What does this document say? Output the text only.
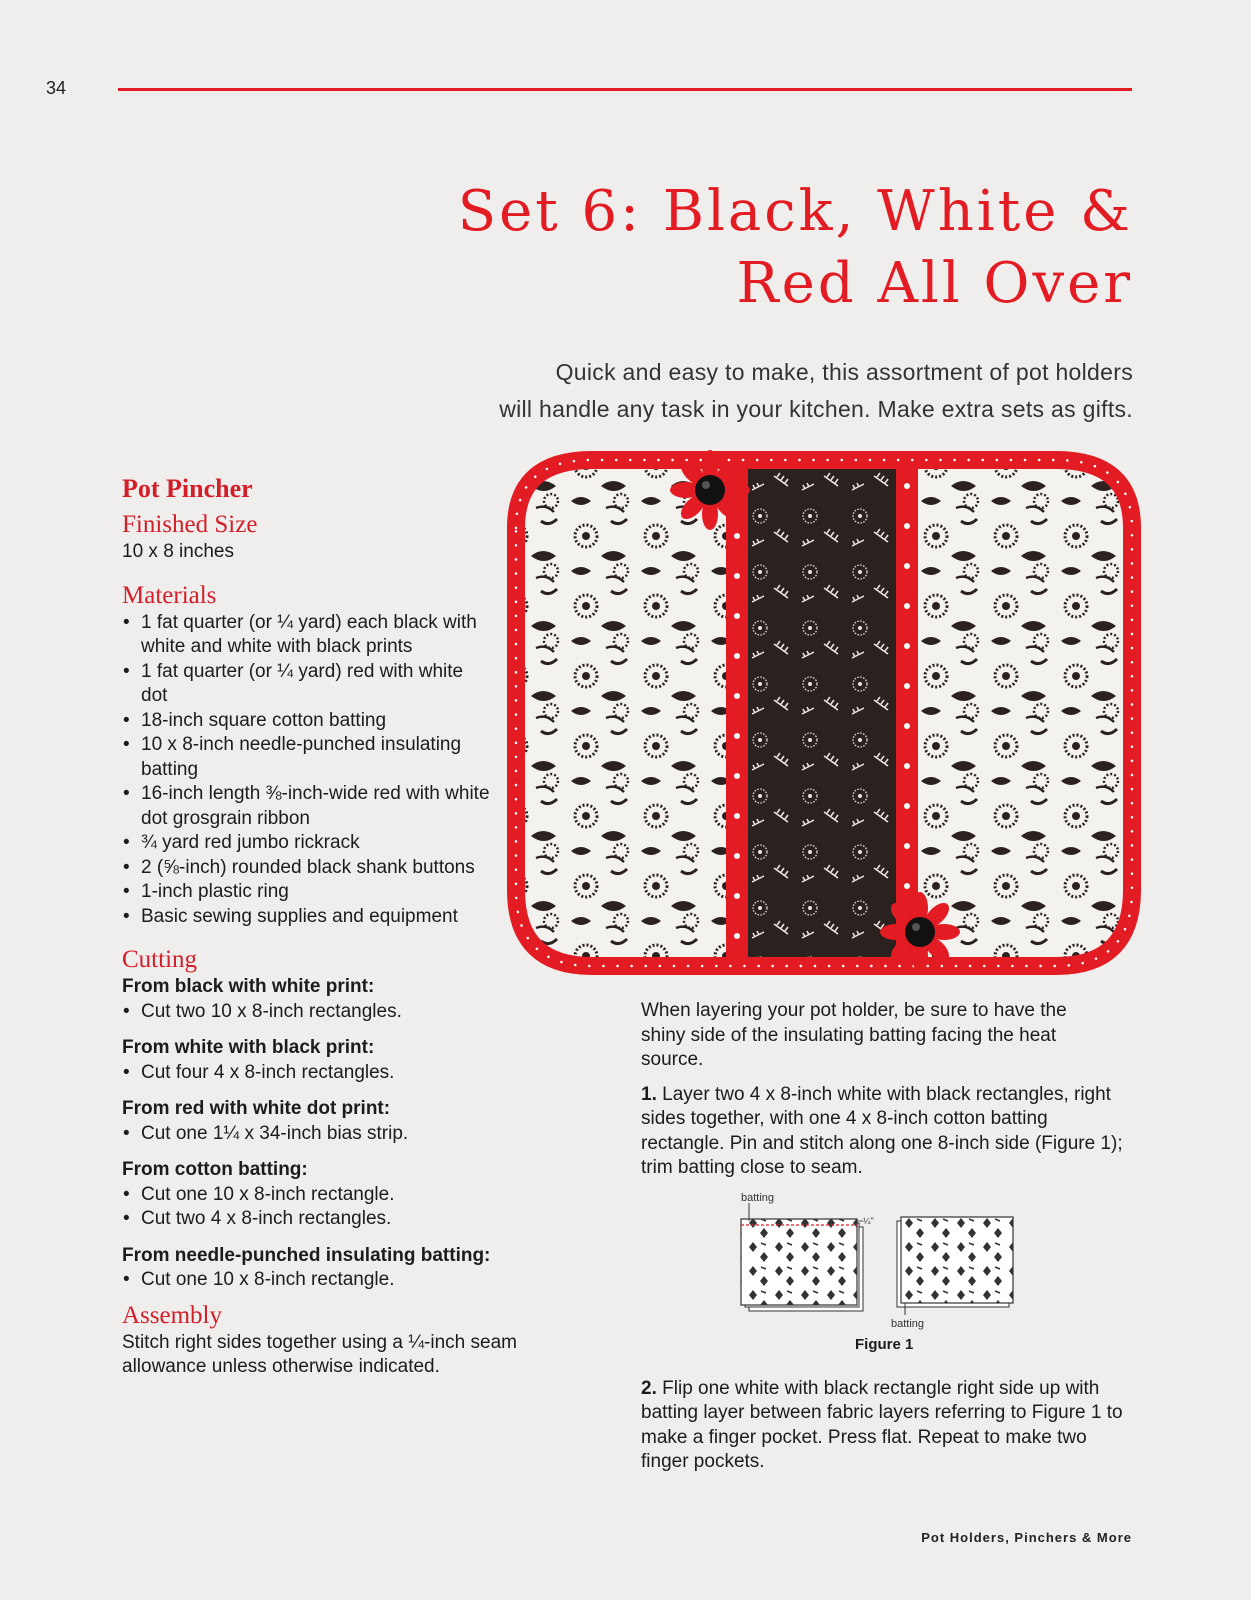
34
Set 6: Black, White &
Red All Over

Quick and easy to make, this assortment of pot holders
will handle any task in your kitchen. Make extra sets as gifts.

Pot Pincher
Finished Size

10 x 8 inches

Materials
• 1 fat quarter (or ¼ yard) each black with white and white with black prints
• 1 fat quarter (or ¼ yard) red with white dot
• 18-inch square cotton batting
• 10 x 8-inch needle-punched insulating batting
• 16-inch length ⅜-inch-wide red with white dot grosgrain ribbon
• ¾ yard red jumbo rickrack
• 2 (⅝-inch) rounded black shank buttons
• 1-inch plastic ring
• Basic sewing supplies and equipment
Cutting

From black with white print:

• Cut two 10 x 8-inch rectangles.

From white with black print:

• Cut four 4 x 8-inch rectangles.

From red with white dot print:

• Cut one 1¼ x 34-inch bias strip.

From cotton batting:

• Cut one 10 x 8-inch rectangle.
• Cut two 4 x 8-inch rectangles.

From needle-punched insulating batting:

• Cut one 10 x 8-inch rectangle.
Assembly

Stitch right sides together using a ¼-inch seam allowance unless otherwise indicated.

When layering your pot holder, be sure to have the shiny side of the insulating batting facing the heat source.

1. Layer two 4 x 8-inch white with black rectangles, right sides together, with one 4 x 8-inch cotton batting rectangle. Pin and stitch along one 8-inch side (Figure 1); trim batting close to seam.

batting
¼"
batting
Figure 1

2. Flip one white with black rectangle right side up with batting layer between fabric layers referring to Figure 1 to make a finger pocket. Press flat. Repeat to make two finger pockets.

Pot Holders, Pinchers & More
